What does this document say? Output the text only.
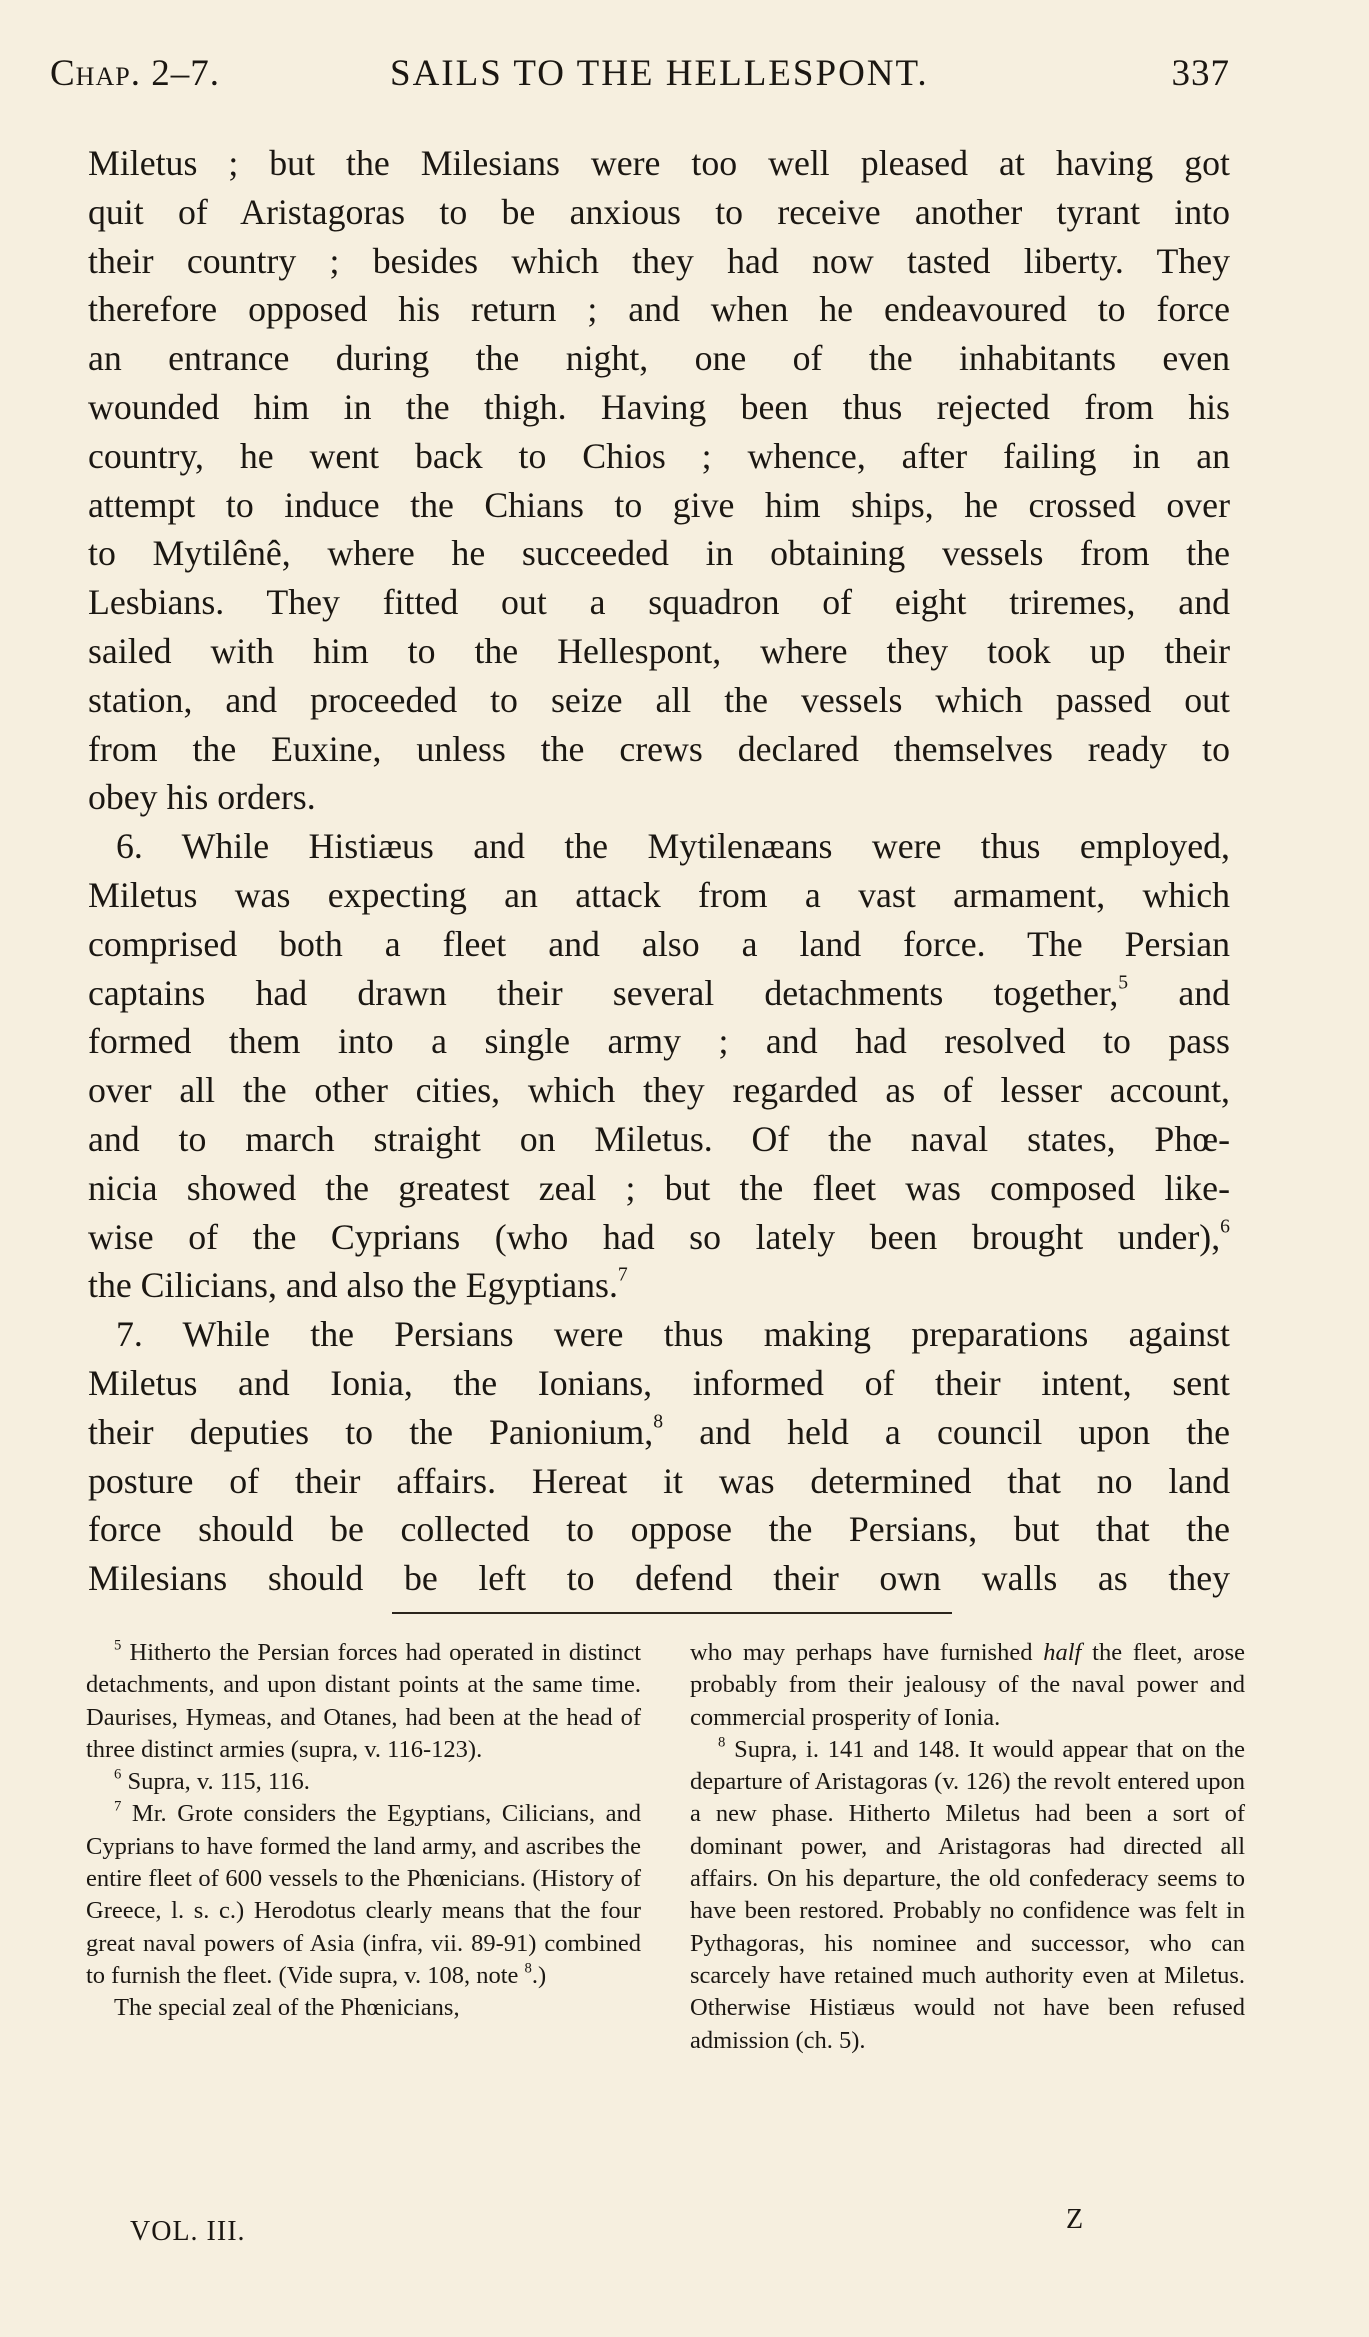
Chap. 2–7.	SAILS TO THE HELLESPONT.	337

Miletus ; but the Milesians were too well pleased at having got

quit of Aristagoras to be anxious to receive another tyrant into

their country ; besides which they had now tasted liberty. They

therefore opposed his return ; and when he endeavoured to force

an entrance during the night, one of the inhabitants even

wounded him in the thigh. Having been thus rejected from his

country, he went back to Chios ; whence, after failing in an

attempt to induce the Chians to give him ships, he crossed over

to Mytilênê, where he succeeded in obtaining vessels from the

Lesbians. They fitted out a squadron of eight triremes, and

sailed with him to the Hellespont, where they took up their

station, and proceeded to seize all the vessels which passed out

from the Euxine, unless the crews declared themselves ready to

obey his orders.

6. While Histiæus and the Mytilenæans were thus employed,

Miletus was expecting an attack from a vast armament, which

comprised both a fleet and also a land force. The Persian

captains had drawn their several detachments together,$^5$ and

formed them into a single army ; and had resolved to pass

over all the other cities, which they regarded as of lesser account,

and to march straight on Miletus. Of the naval states, Phœ-

nicia showed the greatest zeal ; but the fleet was composed like-

wise of the Cyprians (who had so lately been brought under),$^6$

the Cilicians, and also the Egyptians.$^7$

7. While the Persians were thus making preparations against

Miletus and Ionia, the Ionians, informed of their intent, sent

their deputies to the Panionium,$^8$ and held a council upon the

posture of their affairs. Hereat it was determined that no land

force should be collected to oppose the Persians, but that the

Milesians should be left to defend their own walls as they

$^5$ Hitherto the Persian forces had operated in distinct detachments, and upon distant points at the same time. Daurises, Hymeas, and Otanes, had been at the head of three distinct armies (supra, v. 116-123).

$^6$ Supra, v. 115, 116.

$^7$ Mr. Grote considers the Egyptians, Cilicians, and Cyprians to have formed the land army, and ascribes the entire fleet of 600 vessels to the Phœnicians. (History of Greece, l. s. c.) Herodotus clearly means that the four great naval powers of Asia (infra, vii. 89-91) combined to furnish the fleet. (Vide supra, v. 108, note $^8$.)

The special zeal of the Phœnicians,

who may perhaps have furnished half the fleet, arose probably from their jealousy of the naval power and commercial prosperity of Ionia.

$^8$ Supra, i. 141 and 148. It would appear that on the departure of Aristagoras (v. 126) the revolt entered upon a new phase. Hitherto Miletus had been a sort of dominant power, and Aristagoras had directed all affairs. On his departure, the old confederacy seems to have been restored. Probably no confidence was felt in Pythagoras, his nominee and successor, who can scarcely have retained much authority even at Miletus. Otherwise Histiæus would not have been refused admission (ch. 5).

VOL. III.	Z
